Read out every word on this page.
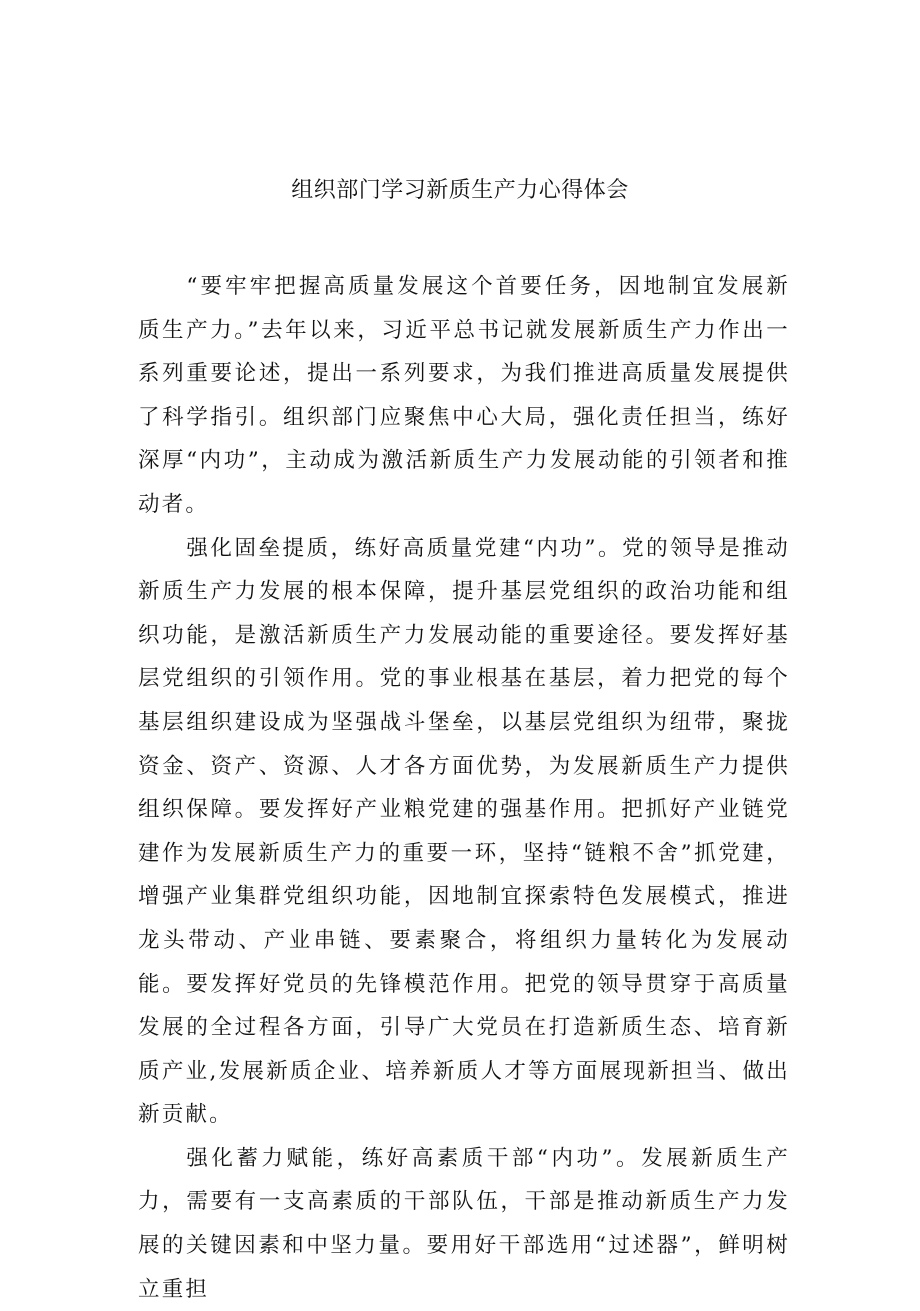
组织部门学习新质生产力心得体会

“要牢牢把握高质量发展这个首要任务，因地制宜发展新质生产力。”去年以来，习近平总书记就发展新质生产力作出一系列重要论述，提出一系列要求，为我们推进高质量发展提供了科学指引。组织部门应聚焦中心大局，强化责任担当，练好深厚“内功”，主动成为激活新质生产力发展动能的引领者和推动者。

强化固垒提质，练好高质量党建“内功”。党的领导是推动新质生产力发展的根本保障，提升基层党组织的政治功能和组织功能，是激活新质生产力发展动能的重要途径。要发挥好基层党组织的引领作用。党的事业根基在基层，着力把党的每个基层组织建设成为坚强战斗堡垒，以基层党组织为纽带，聚拢资金、资产、资源、人才各方面优势，为发展新质生产力提供组织保障。要发挥好产业粮党建的强基作用。把抓好产业链党建作为发展新质生产力的重要一环，坚持“链粮不舍”抓党建，增强产业集群党组织功能，因地制宜探索特色发展模式，推进龙头带动、产业串链、要素聚合，将组织力量转化为发展动能。要发挥好党员的先锋模范作用。把党的领导贯穿于高质量发展的全过程各方面，引导广大党员在打造新质生态、培育新质产业,发展新质企业、培养新质人才等方面展现新担当、做出新贡献。

强化蓄力赋能，练好高素质干部“内功”。发展新质生产力，需要有一支高素质的干部队伍，干部是推动新质生产力发展的关键因素和中坚力量。要用好干部选用“过述器”，鲜明树立重担
